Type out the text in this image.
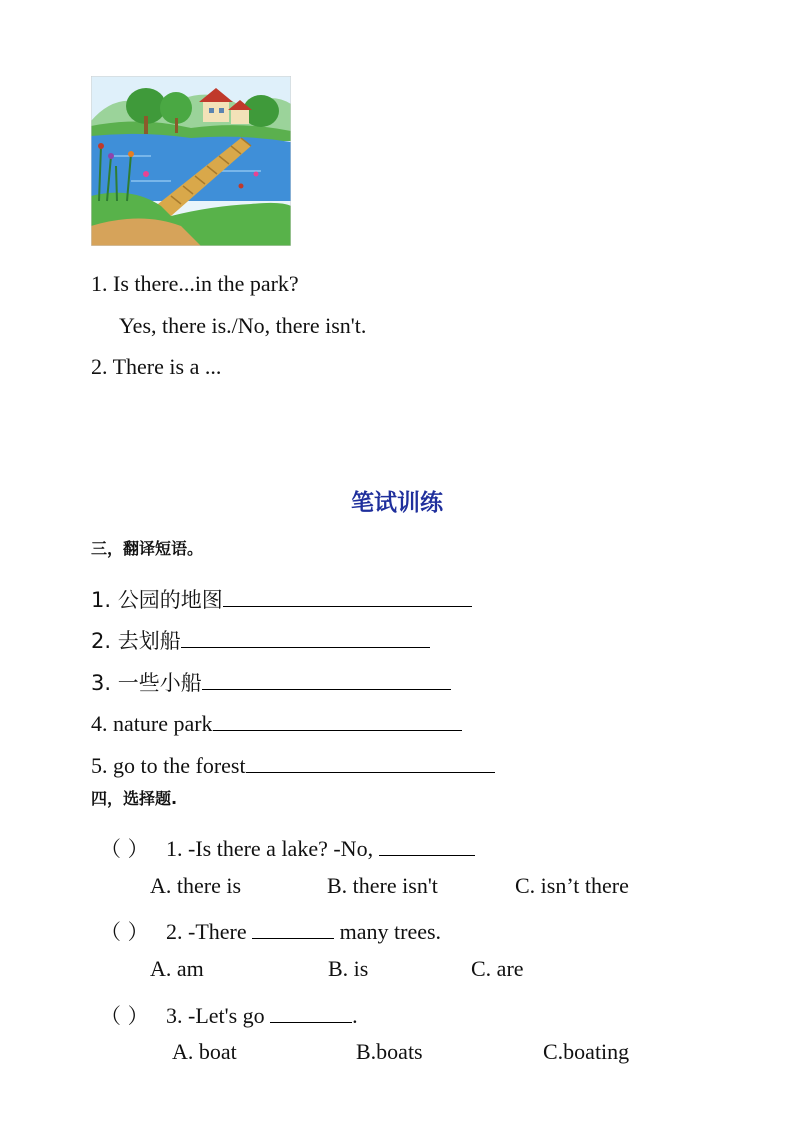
1. Is there...in the park?
Yes, there is./No, there isn't.
2. There is a ...
笔试训练
三，翻译短语。
1. 公园的地图
2. 去划船
3. 一些小船
4. nature park
5. go to the forest
四，选择题.
（ ） 1. -Is there a lake? -No,
A. there is	B. there isn't	C. isn’t there
（ ） 2. -There	many trees.
A. am	B. is	C. are
（ ） 3. -Let's go	.
A. boat	B.boats	C.boating
